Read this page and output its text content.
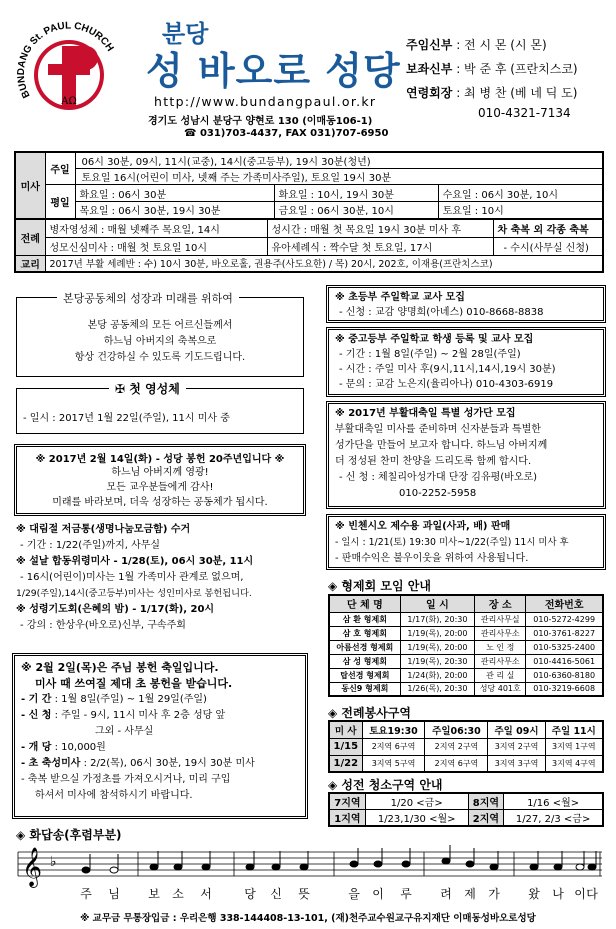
BUNDANG St. PAUL CHURCH
ΑΩ
분당
성 바오로 성당
http://www.bundangpaul.or.kr
경기도 성남시 분당구 양현로 130 (이매동106-1)
☎ 031)703-4437, FAX 031)707-6950
주임신부 : 전 시 몬 (시 몬)
보좌신부 : 박 준 후 (프란치스코)
연령회장 : 최 병 찬 (베 네 딕 도)
010-4321-7134
미사	주일	06시 30분, 09시, 11시(교중), 14시(중고등부), 19시 30분(청년)		
		토요일 16시(어린이 미사, 넷째 주는 가족미사주일), 토요일 19시 30분		
	평일	화요일 : 06시 30분	화요일 : 10시, 19시 30분	수요일 : 06시 30분, 10시
		목요일 : 06시 30분, 19시 30분	금요일 : 06시 30분, 10시	토요일 : 10시
전례	병자영성체 : 매월 넷째주 목요일, 14시	성시간 : 매월 첫 목요일 19시 30분 미사 후	차 축복 외 각종 축복
	성모신심미사 : 매월 첫 토요일 10시	유아세례식 : 짝수달 첫 토요일, 17시	- 수시(사무실 신청)
교리	2017년 부활 세례반 : 수) 10시 30분, 바오로홀, 권용주(사도요한) / 목) 20시, 202호, 이재용(프란치스코)		
본당공동체의 성장과 미래를 위하여
본당 공동체의 모든 어르신들께서
하느님 아버지의 축복으로
항상 건강하실 수 있도록 기도드립니다.
✠ 첫 영성체
- 일시 : 2017년 1월 22일(주일), 11시 미사 중
※ 2017년 2월 14일(화) - 성당 봉헌 20주년입니다 ※
하느님 아버지께 영광!
모든 교우분들에게 감사!
미래를 바라보며, 더욱 성장하는 공동체가 됩시다.
※ 대림절 저금통(생명나눔모금함) 수거
- 기간 : 1/22(주일)까지, 사무실
※ 설날 합동위령미사 - 1/28(토), 06시 30분, 11시
- 16시(어린이)미사는 1월 가족미사 관계로 없으며,
1/29(주일),14시(중고등부)미사는 성인미사로 봉헌됩니다.
※ 성령기도회(은혜의 밤) - 1/17(화), 20시
- 강의 : 한상우(바오로)신부, 구속주회
※ 2월 2일(목)은 주님 봉헌 축일입니다.
미사 때 쓰여질 제대 초 봉헌을 받습니다.
- 기 간 : 1월 8일(주일) ~ 1월 29일(주일)
- 신 청 : 주일 - 9시, 11시 미사 후 2층 성당 앞
그외 - 사무실
- 개 당 : 10,000원
- 초 축성미사 : 2/2(목), 06시 30분, 19시 30분 미사
- 축복 받으실 가정초를 가져오시거나, 미리 구입
하셔서 미사에 참석하시기 바랍니다.
※ 초등부 주일학교 교사 모집
- 신청 : 교감 양명희(아녜스) 010-8668-8838
※ 중고등부 주일학교 학생 등록 및 교사 모집
- 기간 : 1월 8일(주일) ~ 2월 28일(주일)
- 시간 : 주일 미사 후(9시,11시,14시,19시 30분)
- 문의 : 교감 노은지(율리아나) 010-4303-6919
※ 2017년 부활대축일 특별 성가단 모집
부활대축일 미사를 준비하며 신자분들과 특별한
성가단을 만들어 보고자 합니다. 하느님 아버지께
더 정성된 찬미 찬양을 드리도록 함께 합시다.
- 신 청 : 체칠리아성가대 단장 김유평(바오로)
010-2252-5958
※ 빈첸시오 제수용 과일(사과, 배) 판매
- 일시 : 1/21(토) 19:30 미사~1/22(주일) 11시 미사 후
- 판매수익은 불우이웃을 위하여 사용됩니다.
◈ 형제회 모임 안내
단 체 명	일 시	장 소	전화번호
삼 환 형제회	1/17(화), 20:30	관리사무실	010-5272-4299
삼 호 형제회	1/19(목), 20:00	관리사무소	010-3761-8227
아름선경 형제회	1/19(목), 20:00	노 인 정	010-5325-2400
삼 성 형제회	1/19(목), 20:30	관리사무소	010-4416-5061
탑선경 형제회	1/24(화), 20:00	관 리 실	010-6360-8180
동신9 형제회	1/26(목), 20:30	성당 401호	010-3219-6608
◈ 전례봉사구역
미 사	토요19:30	주일06:30	주일 09시	주일 11시
1/15	2지역 6구역	2지역 2구역	3지역 2구역	3지역 1구역
1/22	3지역 5구역	2지역 6구역	3지역 3구역	3지역 4구역
◈ 성전 청소구역 안내
7지역	1/20 <금>	8지역	1/16 <월>
1지역	1/23,1/30 <월>	2지역	1/27, 2/3 <금>
◈ 화답송(후렴부분)
𝄞 ♭
주 님 보 소 서	당 신 뜻	을 이 루 려 제 가 왔 나 이 다
※ 교무금 무통장입금 : 우리은행 338-144408-13-101, (재)천주교수원교구유지재단 이매동성바오로성당
